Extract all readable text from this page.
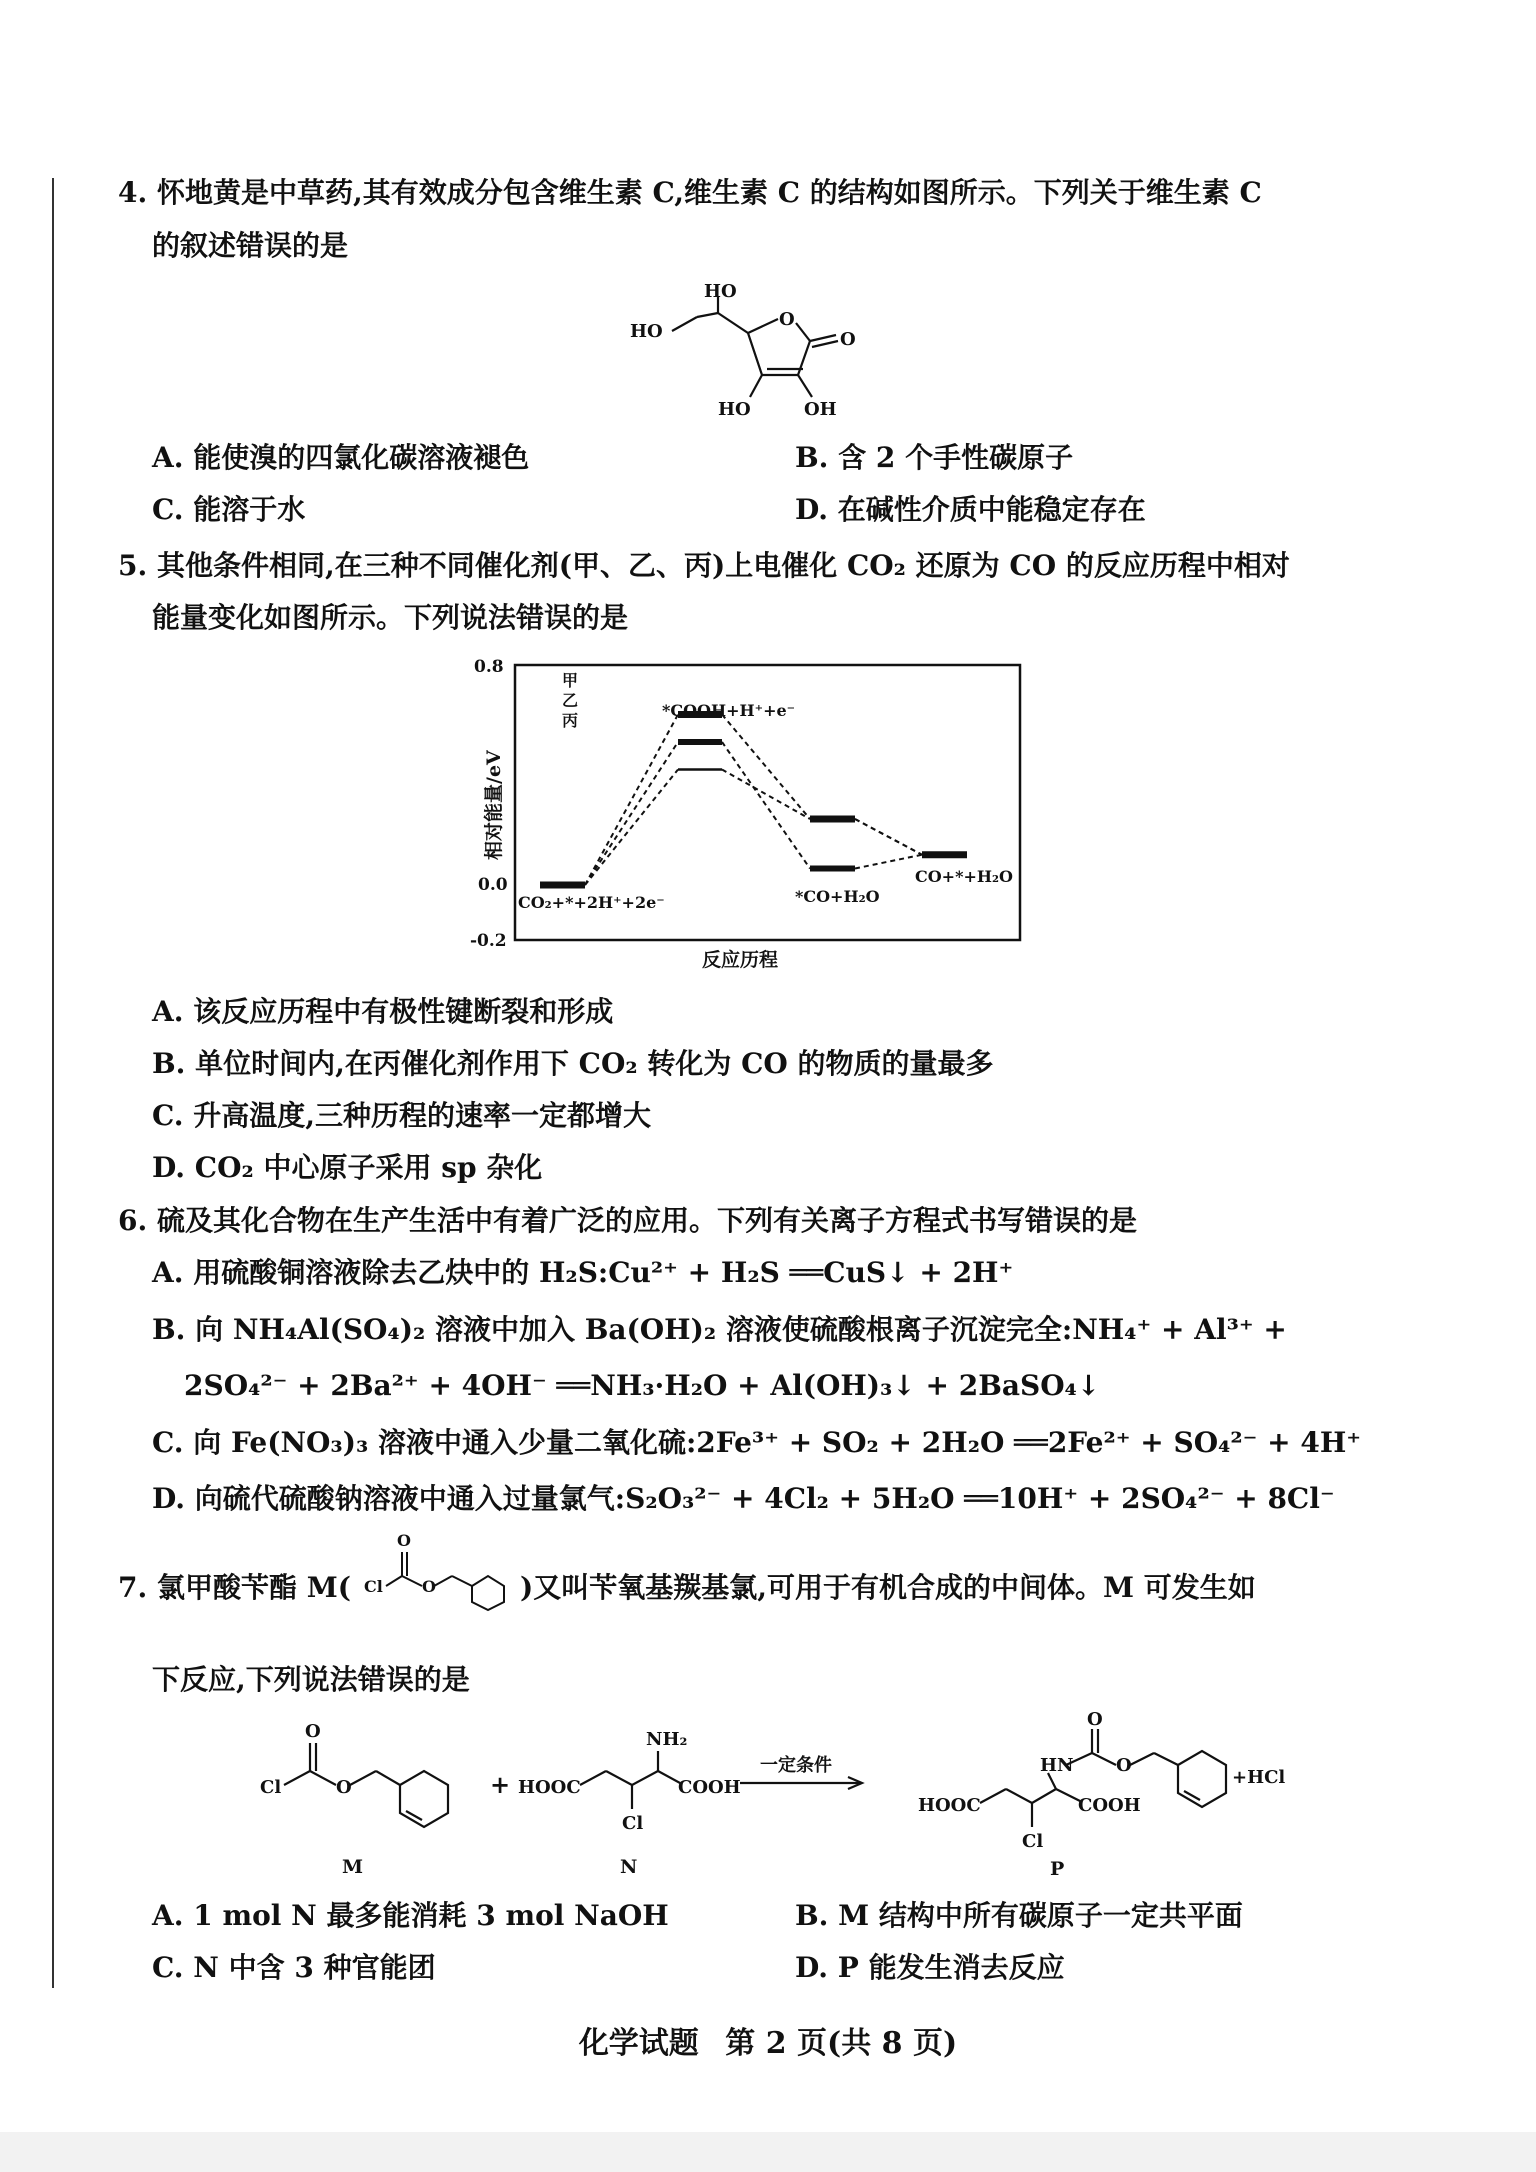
4. 怀地黄是中草药,其有效成分包含维生素 C,维生素 C 的结构如图所示。下列关于维生素 C
的叙述错误的是
HO
HO
O
O
HO	OH
A. 能使溴的四氯化碳溶液褪色	B. 含 2 个手性碳原子
C. 能溶于水	D. 在碱性介质中能稳定存在
5. 其他条件相同,在三种不同催化剂(甲、乙、丙)上电催化 CO₂ 还原为 CO 的反应历程中相对
能量变化如图所示。下列说法错误的是
0.8
0.0
-0.2
相对能量/eV
反应历程
甲
乙
丙
CO₂+*+2H⁺+2e⁻
*COOH+H⁺+e⁻
*CO+H₂O
CO+*+H₂O
A. 该反应历程中有极性键断裂和形成
B. 单位时间内,在丙催化剂作用下 CO₂ 转化为 CO 的物质的量最多
C. 升高温度,三种历程的速率一定都增大
D. CO₂ 中心原子采用 sp 杂化
6. 硫及其化合物在生产生活中有着广泛的应用。下列有关离子方程式书写错误的是
A. 用硫酸铜溶液除去乙炔中的 H₂S:Cu²⁺ + H₂S ══CuS↓ + 2H⁺
B. 向 NH₄Al(SO₄)₂ 溶液中加入 Ba(OH)₂ 溶液使硫酸根离子沉淀完全:NH₄⁺ + Al³⁺ +
2SO₄²⁻ + 2Ba²⁺ + 4OH⁻ ══NH₃·H₂O + Al(OH)₃↓ + 2BaSO₄↓
C. 向 Fe(NO₃)₃ 溶液中通入少量二氧化硫:2Fe³⁺ + SO₂ + 2H₂O ══2Fe²⁺ + SO₄²⁻ + 4H⁺
D. 向硫代硫酸钠溶液中通入过量氯气:S₂O₃²⁻ + 4Cl₂ + 5H₂O ══10H⁺ + 2SO₄²⁻ + 8Cl⁻
7. 氯甲酸苄酯 M(
O
Cl O	)又叫苄氧基羰基氯,可用于有机合成的中间体。M 可发生如
下反应,下列说法错误的是
O
Cl	O
M
+
NH₂
HOOC	COOH
Cl
N
一定条件
O
HN O
HOOC	COOH
Cl
+HCl
P
A. 1 mol N 最多能消耗 3 mol NaOH	B. M 结构中所有碳原子一定共平面
C. N 中含 3 种官能团	D. P 能发生消去反应
化学试题 第 2 页(共 8 页)
